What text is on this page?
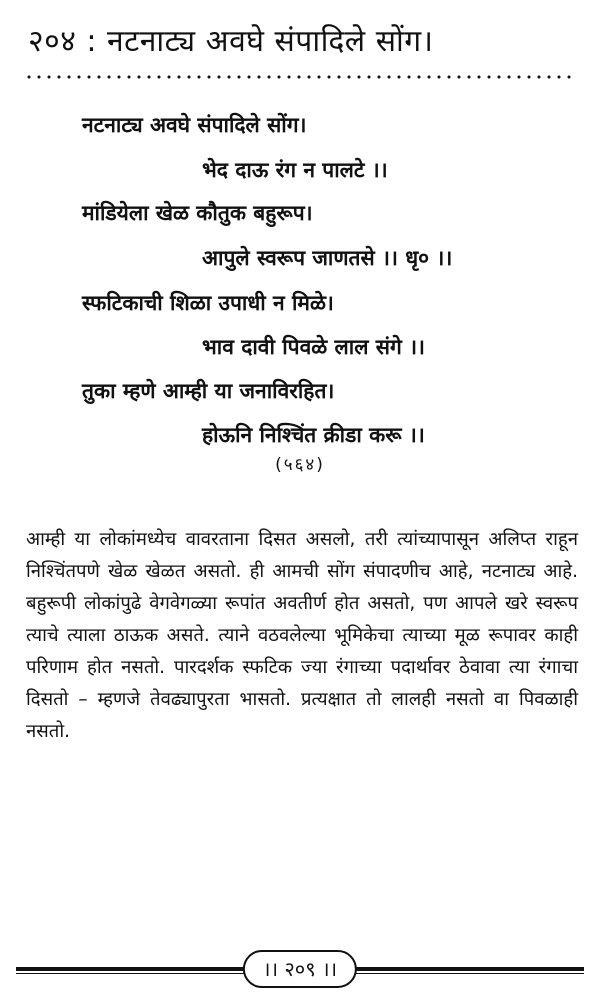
२०४ : नटनाट्य अवघे संपादिले सोंग।
नटनाट्य अवघे संपादिले सोंग।
भेद दाऊ रंग न पालटे ।।
मांडियेला खेळ कौतुक बहुरूप।
आपुले स्वरूप जाणतसे ।। धृ० ।।
स्फटिकाची शिळा उपाधी न मिळे।
भाव दावी पिवळे लाल संगे ।।
तुका म्हणे आम्ही या जनाविरहित।
होऊनि निश्चिंत क्रीडा करू ।।
(५६४)

आम्ही या लोकांमध्येच वावरताना दिसत असलो, तरी त्यांच्यापासून अलिप्त राहून निश्चिंतपणे खेळ खेळत असतो. ही आमची सोंग संपादणीच आहे, नटनाट्य आहे. बहुरूपी लोकांपुढे वेगवेगळ्या रूपांत अवतीर्ण होत असतो, पण आपले खरे स्वरूप त्याचे त्याला ठाऊक असते. त्याने वठवलेल्या भूमिकेचा त्याच्या मूळ रूपावर काही परिणाम होत नसतो. पारदर्शक स्फटिक ज्या रंगाच्या पदार्थावर ठेवावा त्या रंगाचा दिसतो – म्हणजे तेवढ्यापुरता भासतो. प्रत्यक्षात तो लालही नसतो वा पिवळाही नसतो.

।। २०९ ।।
